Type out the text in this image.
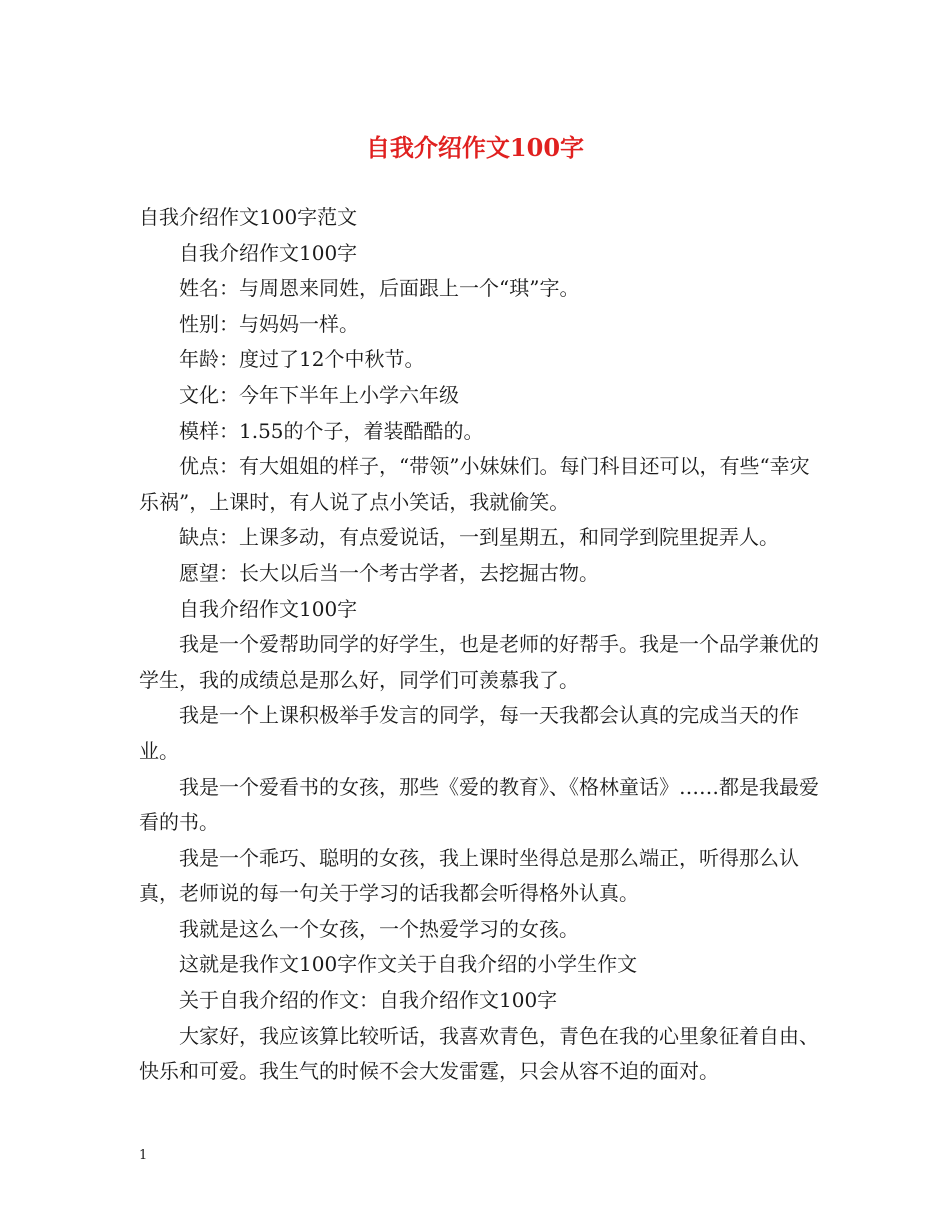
自我介绍作文100字

自我介绍作文100字范文

自我介绍作文100字

姓名：与周恩来同姓，后面跟上一个“琪”字。

性别：与妈妈一样。

年龄：度过了12个中秋节。

文化：今年下半年上小学六年级

模样：1.55的个子，着装酷酷的。

优点：有大姐姐的样子，“带领”小妹妹们。每门科目还可以，有些“幸灾乐祸”，上课时，有人说了点小笑话，我就偷笑。

缺点：上课多动，有点爱说话，一到星期五，和同学到院里捉弄人。

愿望：长大以后当一个考古学者，去挖掘古物。

自我介绍作文100字

我是一个爱帮助同学的好学生，也是老师的好帮手。我是一个品学兼优的学生，我的成绩总是那么好，同学们可羡慕我了。

我是一个上课积极举手发言的同学，每一天我都会认真的完成当天的作业。

我是一个爱看书的女孩，那些《爱的教育》、《格林童话》……都是我最爱看的书。

我是一个乖巧、聪明的女孩，我上课时坐得总是那么端正，听得那么认真，老师说的每一句关于学习的话我都会听得格外认真。

我就是这么一个女孩，一个热爱学习的女孩。

这就是我作文100字作文关于自我介绍的小学生作文

关于自我介绍的作文：自我介绍作文100字

大家好，我应该算比较听话，我喜欢青色，青色在我的心里象征着自由、快乐和可爱。我生气的时候不会大发雷霆，只会从容不迫的面对。

1
